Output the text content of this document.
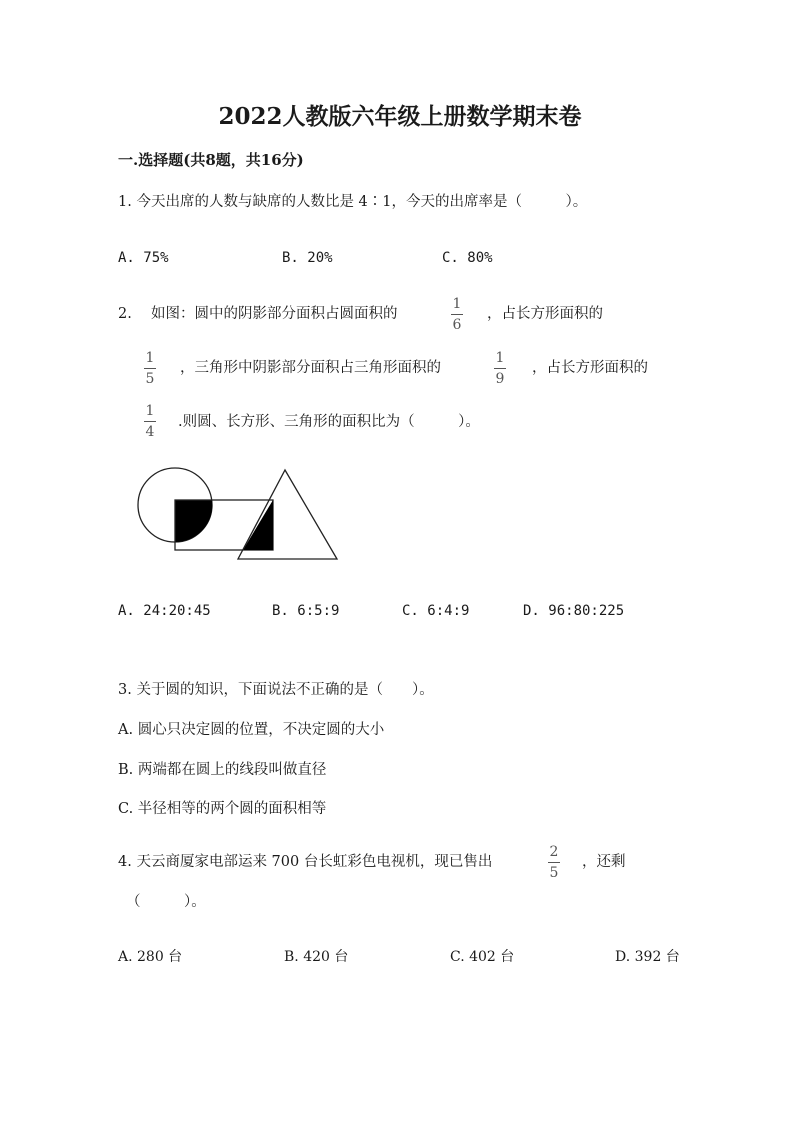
2022人教版六年级上册数学期末卷
一.选择题(共8题，共16分)
1. 今天出席的人数与缺席的人数比是 4∶1，今天的出席率是（　　　）。
A. 75%	B. 20%	C. 80%
2.　 如图：圆中的阴影部分面积占圆面积的
1
6
，占长方形面积的
1
5
，三角形中阴影部分面积占三角形面积的
1
9
，占长方形面积的
1
4
.则圆、长方形、三角形的面积比为（　　　）。
A. 24:20:45	B. 6:5:9	C. 6:4:9	D. 96:80:225
3. 关于圆的知识，下面说法不正确的是（　　）。
A. 圆心只决定圆的位置，不决定圆的大小
B. 两端都在圆上的线段叫做直径
C. 半径相等的两个圆的面积相等
4. 天云商厦家电部运来 700 台长虹彩色电视机，现已售出
2
5
，还剩
（　　　）。
A. 280 台	B. 420 台	C. 402 台	D. 392 台
